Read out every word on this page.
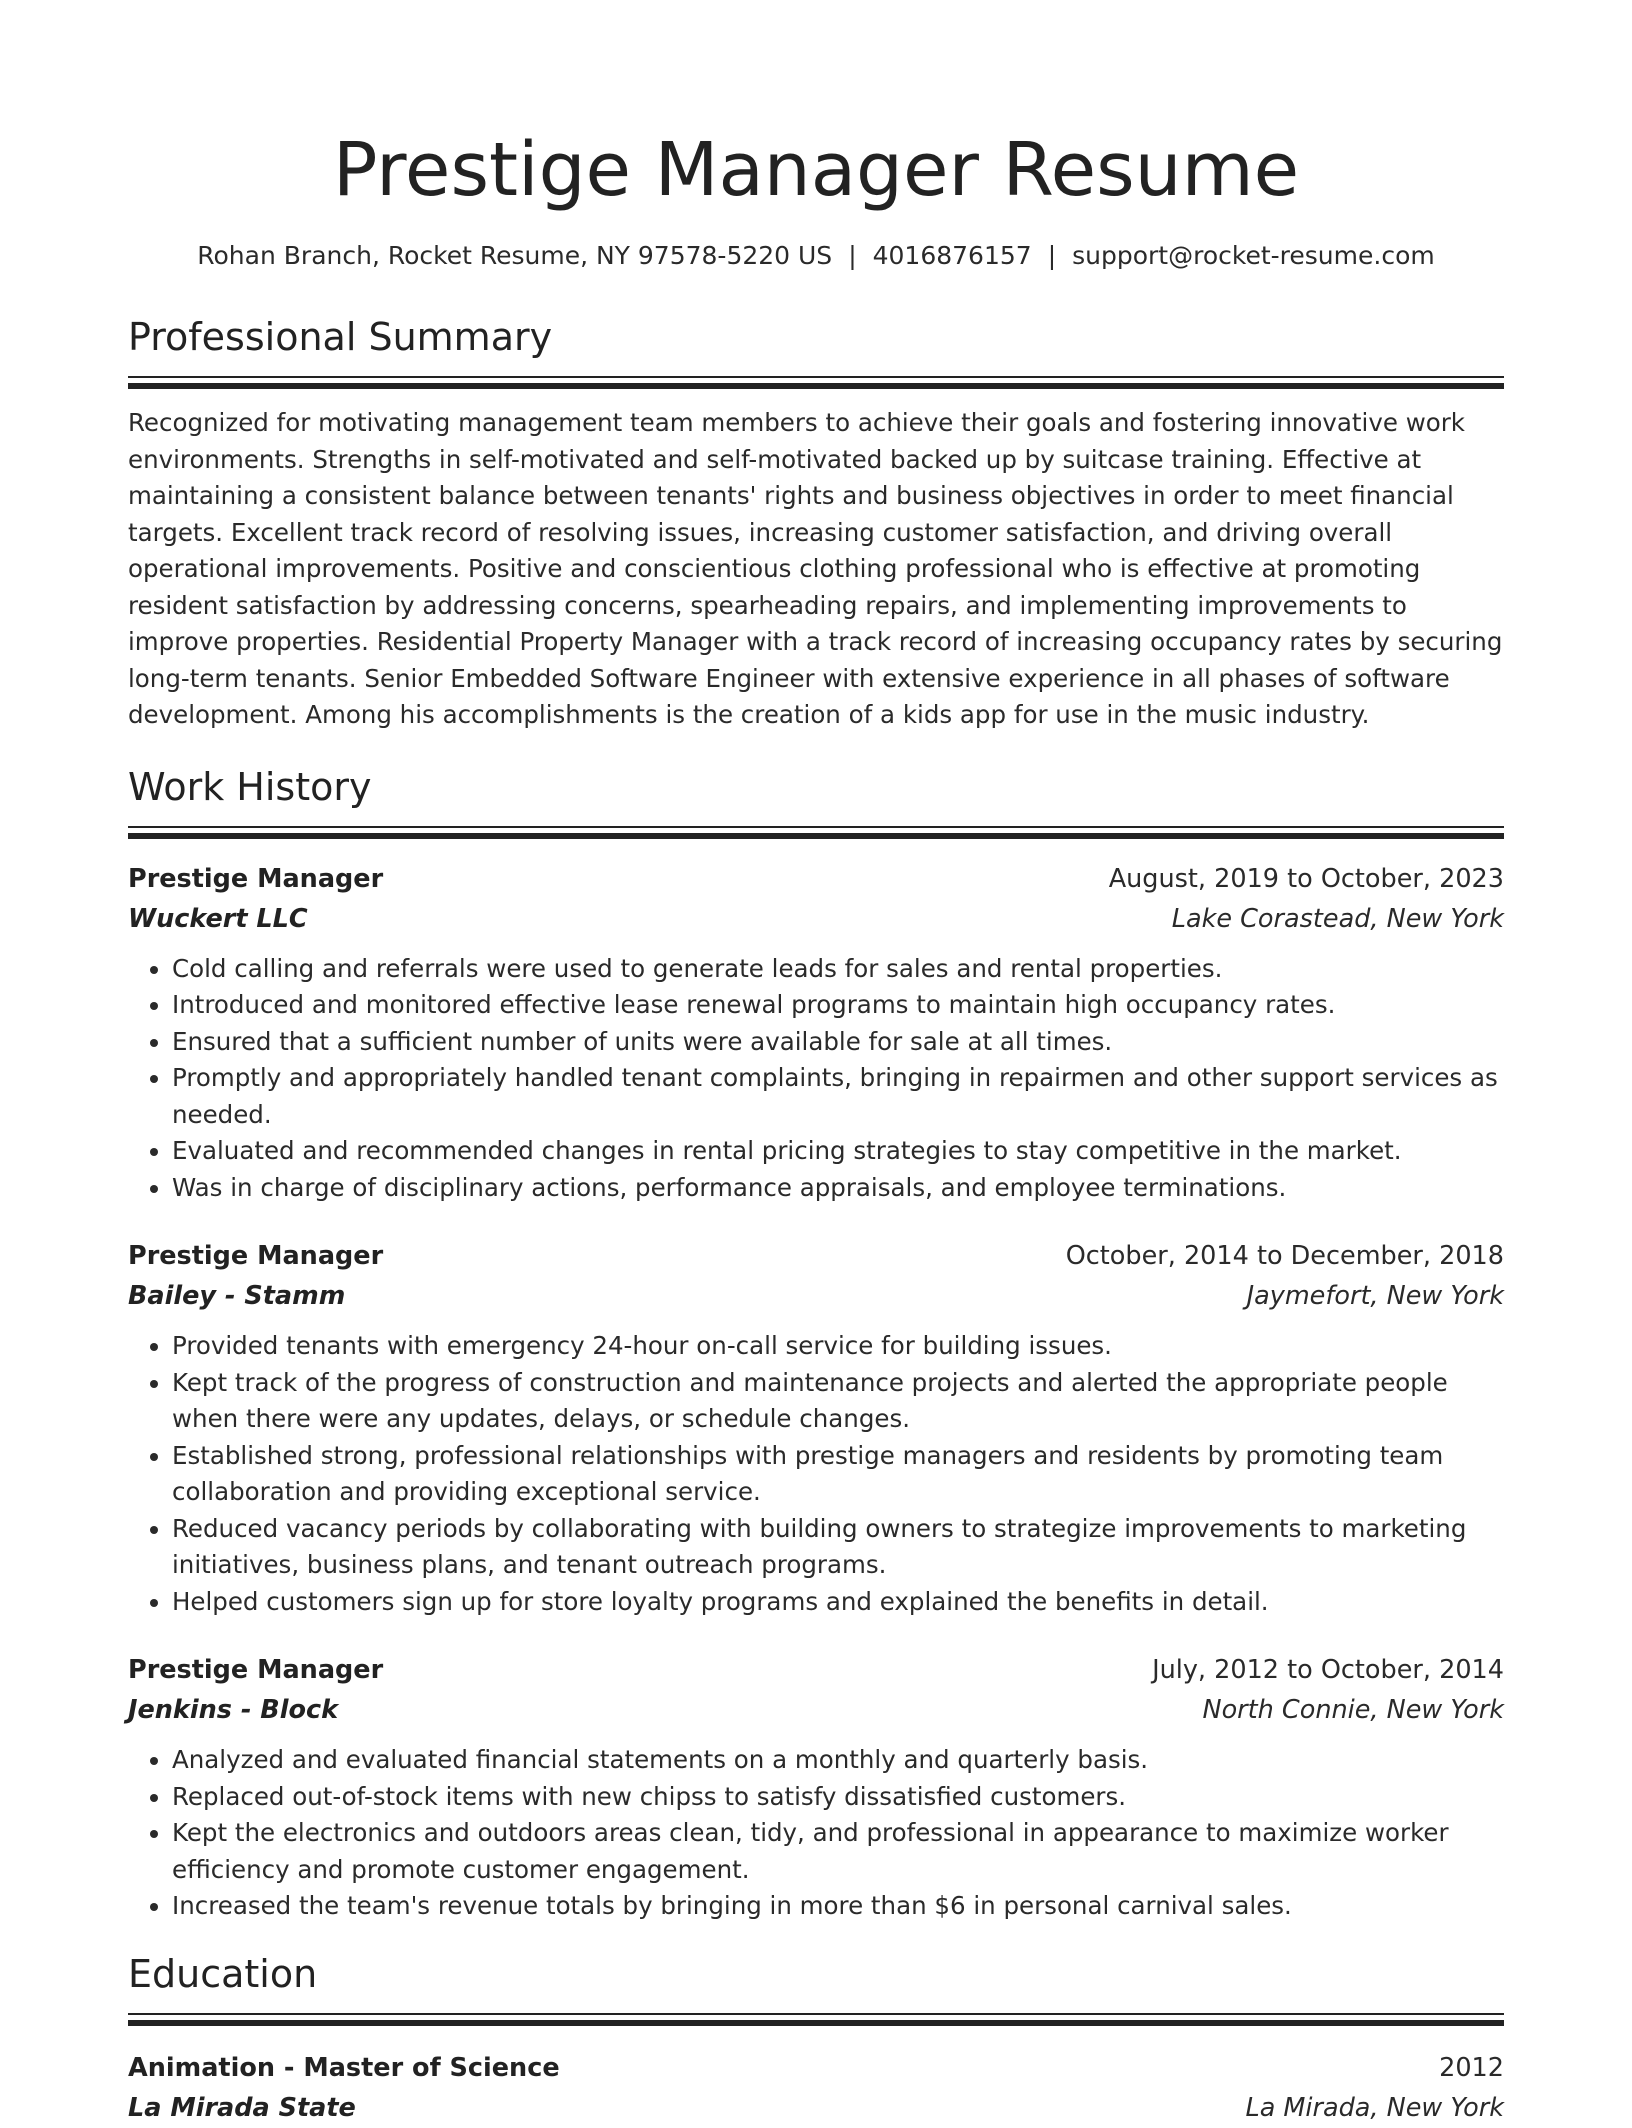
Prestige Manager Resume
Rohan Branch, Rocket Resume, NY 97578-5220 US | 4016876157 | support@rocket-resume.com
Professional Summary
Recognized for motivating management team members to achieve their goals and fostering innovative work environments. Strengths in self-motivated and self-motivated backed up by suitcase training. Effective at maintaining a consistent balance between tenants' rights and business objectives in order to meet financial targets. Excellent track record of resolving issues, increasing customer satisfaction, and driving overall operational improvements. Positive and conscientious clothing professional who is effective at promoting resident satisfaction by addressing concerns, spearheading repairs, and implementing improvements to improve properties. Residential Property Manager with a track record of increasing occupancy rates by securing long-term tenants. Senior Embedded Software Engineer with extensive experience in all phases of software development. Among his accomplishments is the creation of a kids app for use in the music industry.
Work History
Prestige Manager	August, 2019 to October, 2023
Wuckert LLC	Lake Corastead, New York
• Cold calling and referrals were used to generate leads for sales and rental properties.
• Introduced and monitored effective lease renewal programs to maintain high occupancy rates.
• Ensured that a sufficient number of units were available for sale at all times.
• Promptly and appropriately handled tenant complaints, bringing in repairmen and other support services as needed.
• Evaluated and recommended changes in rental pricing strategies to stay competitive in the market.
• Was in charge of disciplinary actions, performance appraisals, and employee terminations.
Prestige Manager	October, 2014 to December, 2018
Bailey - Stamm	Jaymefort, New York
• Provided tenants with emergency 24-hour on-call service for building issues.
• Kept track of the progress of construction and maintenance projects and alerted the appropriate people when there were any updates, delays, or schedule changes.
• Established strong, professional relationships with prestige managers and residents by promoting team collaboration and providing exceptional service.
• Reduced vacancy periods by collaborating with building owners to strategize improvements to marketing initiatives, business plans, and tenant outreach programs.
• Helped customers sign up for store loyalty programs and explained the benefits in detail.
Prestige Manager	July, 2012 to October, 2014
Jenkins - Block	North Connie, New York
• Analyzed and evaluated financial statements on a monthly and quarterly basis.
• Replaced out-of-stock items with new chipss to satisfy dissatisfied customers.
• Kept the electronics and outdoors areas clean, tidy, and professional in appearance to maximize worker efficiency and promote customer engagement.
• Increased the team's revenue totals by bringing in more than $6 in personal carnival sales.
Education
Animation - Master of Science	2012
La Mirada State	La Mirada, New York
